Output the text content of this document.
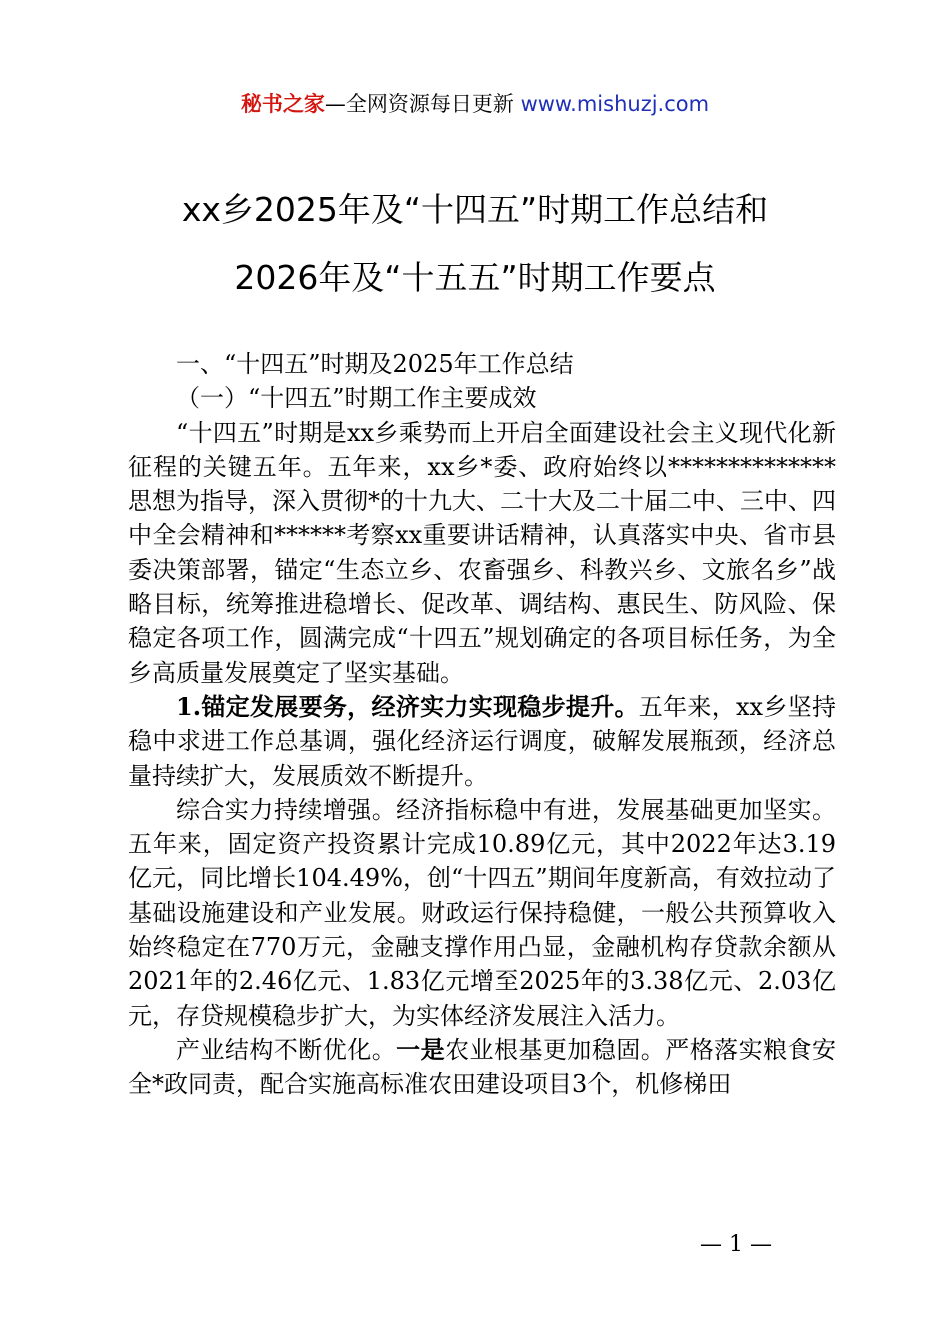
秘书之家—全网资源每日更新 www.mishuzj.com
xx乡2025年及“十四五”时期工作总结和
2026年及“十五五”时期工作要点

一、“十四五”时期及2025年工作总结

（一）“十四五”时期工作主要成效

“十四五”时期是xx乡乘势而上开启全面建设社会主义现代化新征程的关键五年。五年来，xx乡*委、政府始终以**************思想为指导，深入贯彻*的十九大、二十大及二十届二中、三中、四中全会精神和******考察xx重要讲话精神，认真落实中央、省市县委决策部署，锚定“生态立乡、农畜强乡、科教兴乡、文旅名乡”战略目标，统筹推进稳增长、促改革、调结构、惠民生、防风险、保稳定各项工作，圆满完成“十四五”规划确定的各项目标任务，为全乡高质量发展奠定了坚实基础。

1.锚定发展要务，经济实力实现稳步提升。五年来，xx乡坚持稳中求进工作总基调，强化经济运行调度，破解发展瓶颈，经济总量持续扩大，发展质效不断提升。

综合实力持续增强。经济指标稳中有进，发展基础更加坚实。五年来，固定资产投资累计完成10.89亿元，其中2022年达3.19亿元，同比增长104.49%，创“十四五”期间年度新高，有效拉动了基础设施建设和产业发展。财政运行保持稳健，一般公共预算收入始终稳定在770万元，金融支撑作用凸显，金融机构存贷款余额从2021年的2.46亿元、1.83亿元增至2025年的3.38亿元、2.03亿元，存贷规模稳步扩大，为实体经济发展注入活力。

产业结构不断优化。一是农业根基更加稳固。严格落实粮食安全*政同责，配合实施高标准农田建设项目3个，机修梯田

— 1 —
